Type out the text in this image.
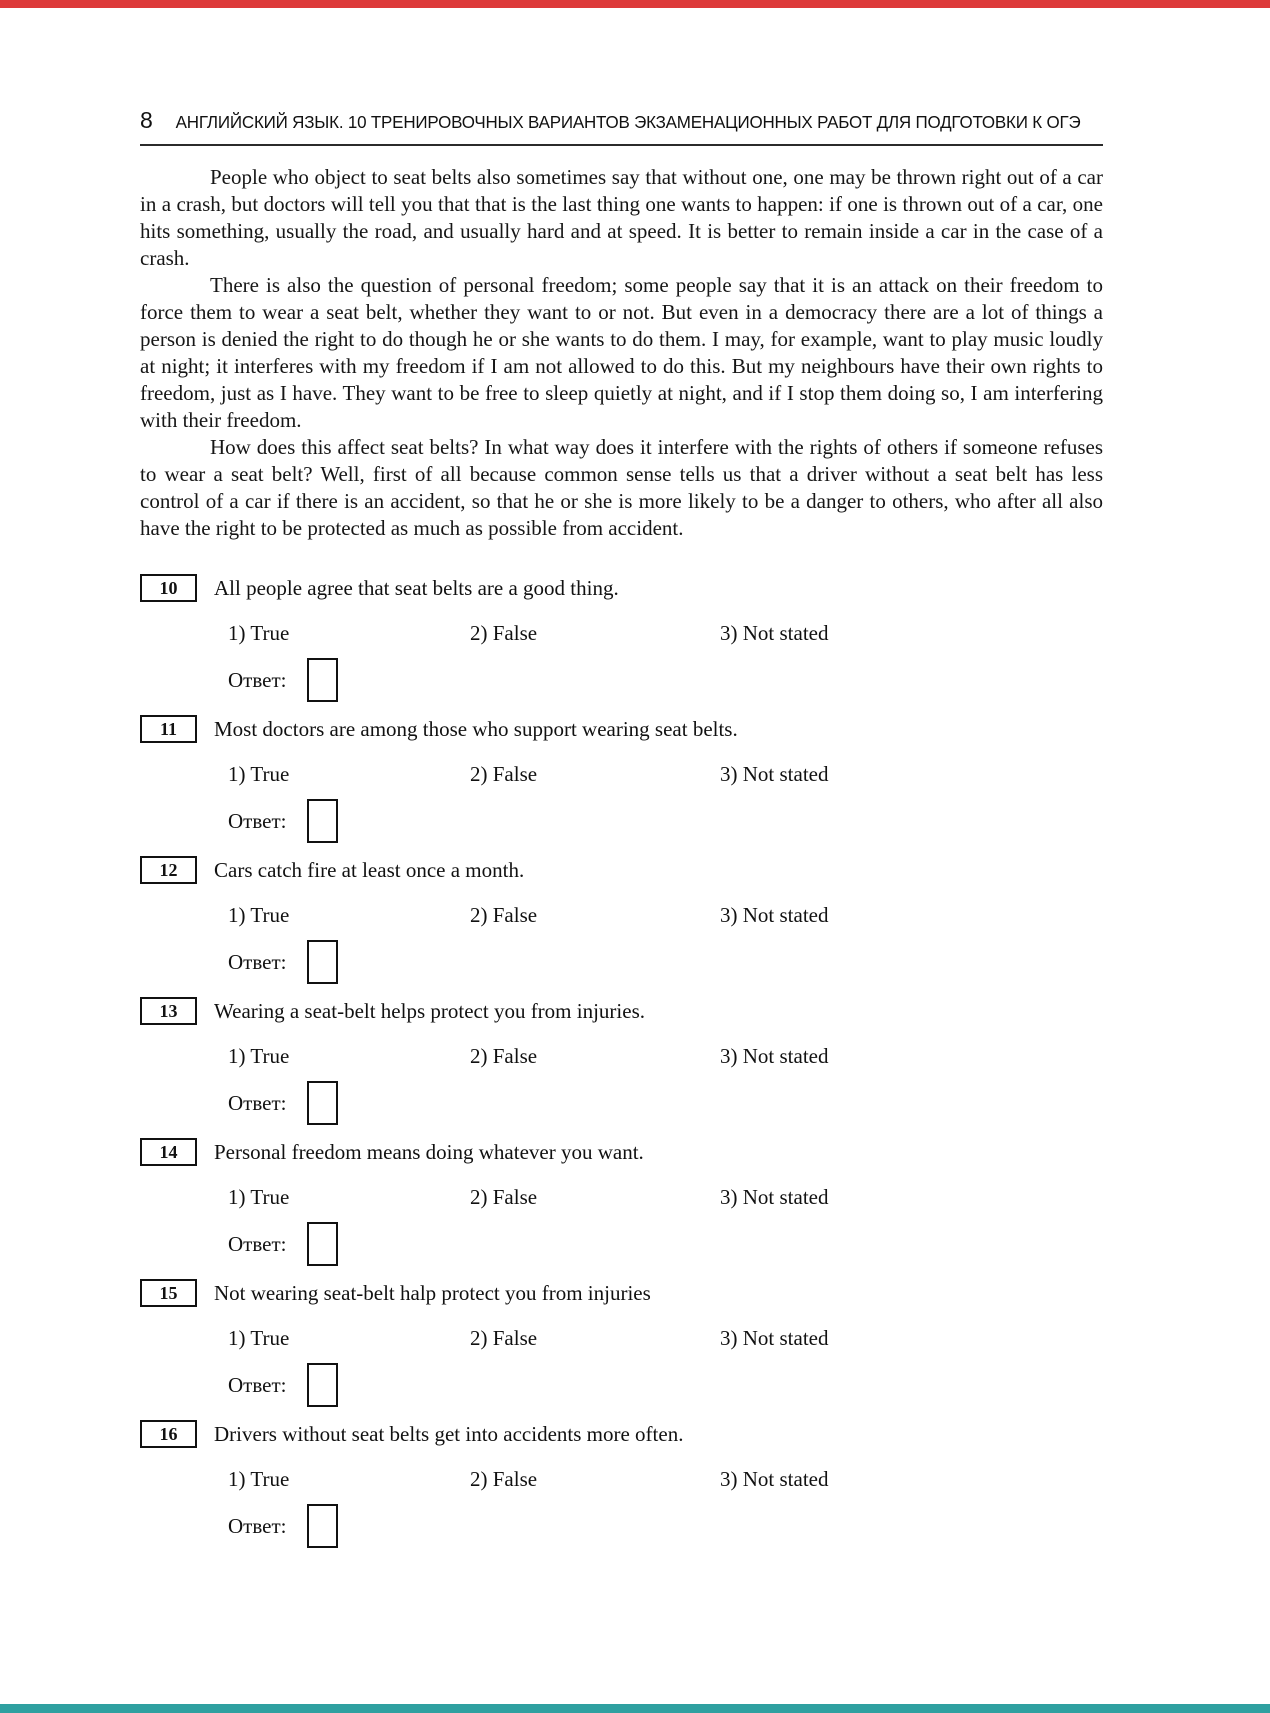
8	АНГЛИЙСКИЙ ЯЗЫК. 10 ТРЕНИРОВОЧНЫХ ВАРИАНТОВ ЭКЗАМЕНАЦИОННЫХ РАБОТ ДЛЯ ПОДГОТОВКИ К ОГЭ

People who object to seat belts also sometimes say that without one, one may be thrown right out of a car in a crash, but doctors will tell you that that is the last thing one wants to happen: if one is thrown out of a car, one hits something, usually the road, and usually hard and at speed. It is better to remain inside a car in the case of a crash.

There is also the question of personal freedom; some people say that it is an attack on their freedom to force them to wear a seat belt, whether they want to or not. But even in a democracy there are a lot of things a person is denied the right to do though he or she wants to do them. I may, for example, want to play music loudly at night; it interferes with my freedom if I am not allowed to do this. But my neighbours have their own rights to freedom, just as I have. They want to be free to sleep quietly at night, and if I stop them doing so, I am interfering with their freedom.

How does this affect seat belts? In what way does it interfere with the rights of others if someone refuses to wear a seat belt? Well, first of all because common sense tells us that a driver without a seat belt has less control of a car if there is an accident, so that he or she is more likely to be a danger to others, who after all also have the right to be protected as much as possible from accident.

10 All people agree that seat belts are a good thing.
1) True	2) False	3) Not stated
Ответ:
11 Most doctors are among those who support wearing seat belts.
1) True	2) False	3) Not stated
Ответ:
12 Cars catch fire at least once a month.
1) True	2) False	3) Not stated
Ответ:
13 Wearing a seat-belt helps protect you from injuries.
1) True	2) False	3) Not stated
Ответ:
14 Personal freedom means doing whatever you want.
1) True	2) False	3) Not stated
Ответ:
15 Not wearing seat-belt halp protect you from injuries
1) True	2) False	3) Not stated
Ответ:
16 Drivers without seat belts get into accidents more often.
1) True	2) False	3) Not stated
Ответ:
